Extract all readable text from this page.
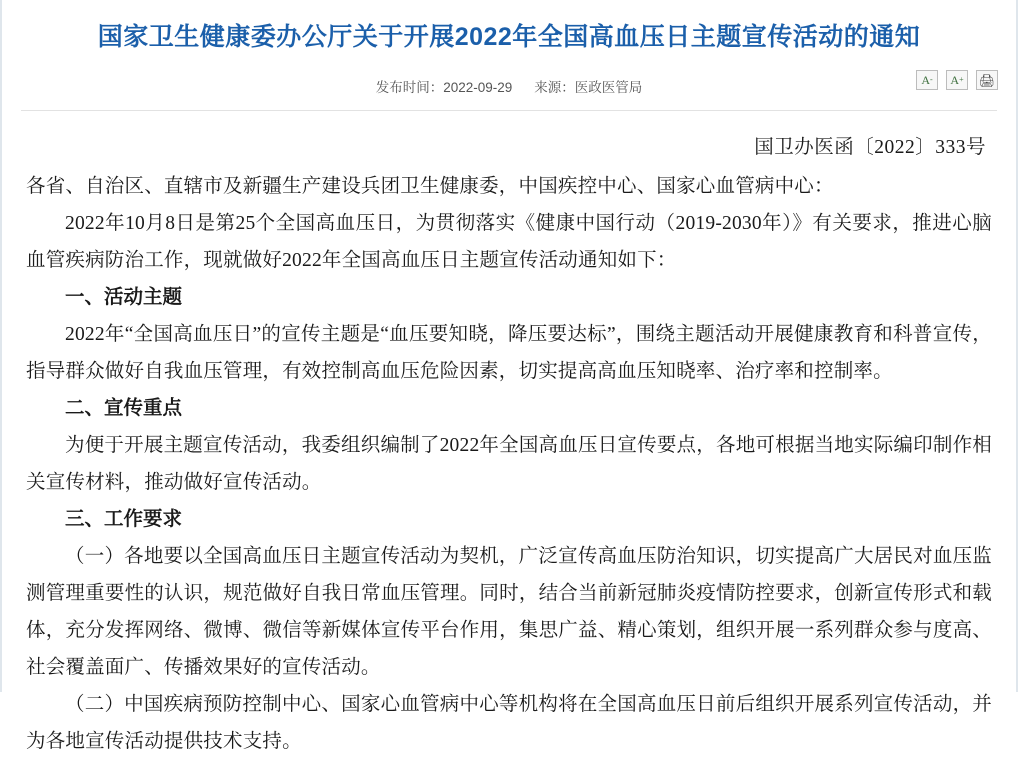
国家卫生健康委办公厅关于开展2022年全国高血压日主题宣传活动的通知
发布时间：2022-09-29 来源：医政医管局	A - A + 🖨
国卫办医函〔2022〕333号

各省、自治区、直辖市及新疆生产建设兵团卫生健康委，中国疾控中心、国家心血管病中心：

2022年10月8日是第25个全国高血压日，为贯彻落实《健康中国行动（2019-2030年）》有关要求，推进心脑血管疾病防治工作，现就做好2022年全国高血压日主题宣传活动通知如下：

一、活动主题

2022年“全国高血压日”的宣传主题是“血压要知晓，降压要达标”，围绕主题活动开展健康教育和科普宣传，指导群众做好自我血压管理，有效控制高血压危险因素，切实提高高血压知晓率、治疗率和控制率。

二、宣传重点

为便于开展主题宣传活动，我委组织编制了2022年全国高血压日宣传要点，各地可根据当地实际编印制作相关宣传材料，推动做好宣传活动。

三、工作要求

（一）各地要以全国高血压日主题宣传活动为契机，广泛宣传高血压防治知识，切实提高广大居民对血压监测管理重要性的认识，规范做好自我日常血压管理。同时，结合当前新冠肺炎疫情防控要求，创新宣传形式和载体，充分发挥网络、微博、微信等新媒体宣传平台作用，集思广益、精心策划，组织开展一系列群众参与度高、社会覆盖面广、传播效果好的宣传活动。

（二）中国疾病预防控制中心、国家心血管病中心等机构将在全国高血压日前后组织开展系列宣传活动，并为各地宣传活动提供技术支持。
